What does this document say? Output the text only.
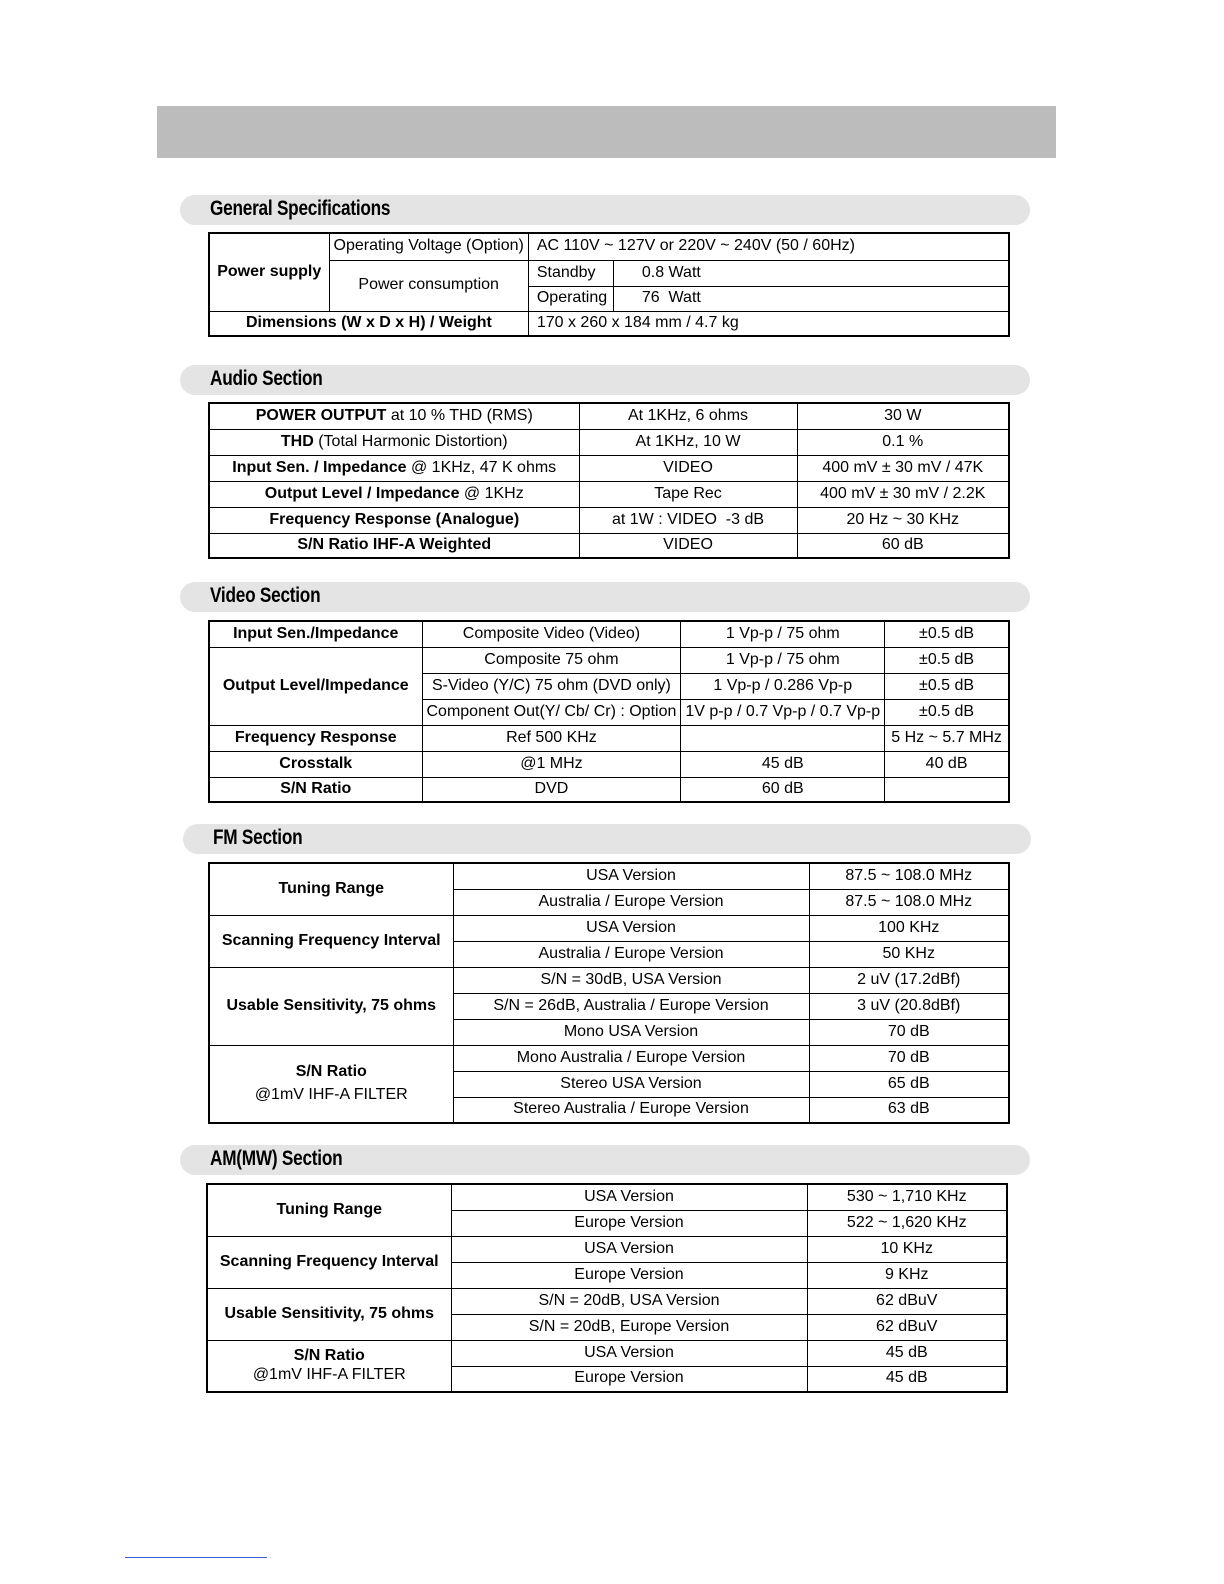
General Specifications
Power supply	Operating Voltage (Option)	AC 110V ~ 127V or 220V ~ 240V (50 / 60Hz)	
	Power consumption	Standby	0.8 Watt
		Operating	76  Watt
Dimensions (W x D x H) / Weight		170 x 260 x 184 mm / 4.7 kg	
Audio Section
POWER OUTPUT at 10 % THD (RMS)	At 1KHz, 6 ohms	30 W
THD (Total Harmonic Distortion)	At 1KHz, 10 W	0.1 %
Input Sen. / Impedance @ 1KHz, 47 K ohms	VIDEO	400 mV ± 30 mV / 47K
Output Level / Impedance @ 1KHz	Tape Rec	400 mV ± 30 mV / 2.2K
Frequency Response (Analogue)	at 1W : VIDEO  -3 dB	20 Hz ~ 30 KHz
S/N Ratio IHF-A Weighted	VIDEO	60 dB
Video Section
Input Sen./Impedance	Composite Video (Video)	1 Vp-p / 75 ohm	±0.5 dB
Output Level/Impedance	Composite 75 ohm	1 Vp-p / 75 ohm	±0.5 dB
	S-Video (Y/C) 75 ohm (DVD only)	1 Vp-p / 0.286 Vp-p	±0.5 dB
	Component Out(Y/ Cb/ Cr) : Option	1V p-p / 0.7 Vp-p / 0.7 Vp-p	±0.5 dB
Frequency Response	Ref 500 KHz		5 Hz ~ 5.7 MHz
Crosstalk	@1 MHz	45 dB	40 dB
S/N Ratio	DVD	60 dB	
FM Section
Tuning Range	USA Version	87.5 ~ 108.0 MHz
	Australia / Europe Version	87.5 ~ 108.0 MHz
Scanning Frequency Interval	USA Version	100 KHz
	Australia / Europe Version	50 KHz
Usable Sensitivity, 75 ohms	S/N = 30dB, USA Version	2 uV (17.2dBf)
	S/N = 26dB, Australia / Europe Version	3 uV (20.8dBf)
	Mono USA Version	70 dB

S/N Ratio
@1mV IHF-A FILTER	Mono Australia / Europe Version	70 dB
	Stereo USA Version	65 dB
	Stereo Australia / Europe Version	63 dB
AM(MW) Section
Tuning Range	USA Version	530 ~ 1,710 KHz
	Europe Version	522 ~ 1,620 KHz
Scanning Frequency Interval	USA Version	10 KHz
	Europe Version	9 KHz
Usable Sensitivity, 75 ohms	S/N = 20dB, USA Version	62 dBuV
	S/N = 20dB, Europe Version	62 dBuV

S/N Ratio
@1mV IHF-A FILTER	USA Version	45 dB
	Europe Version	45 dB
